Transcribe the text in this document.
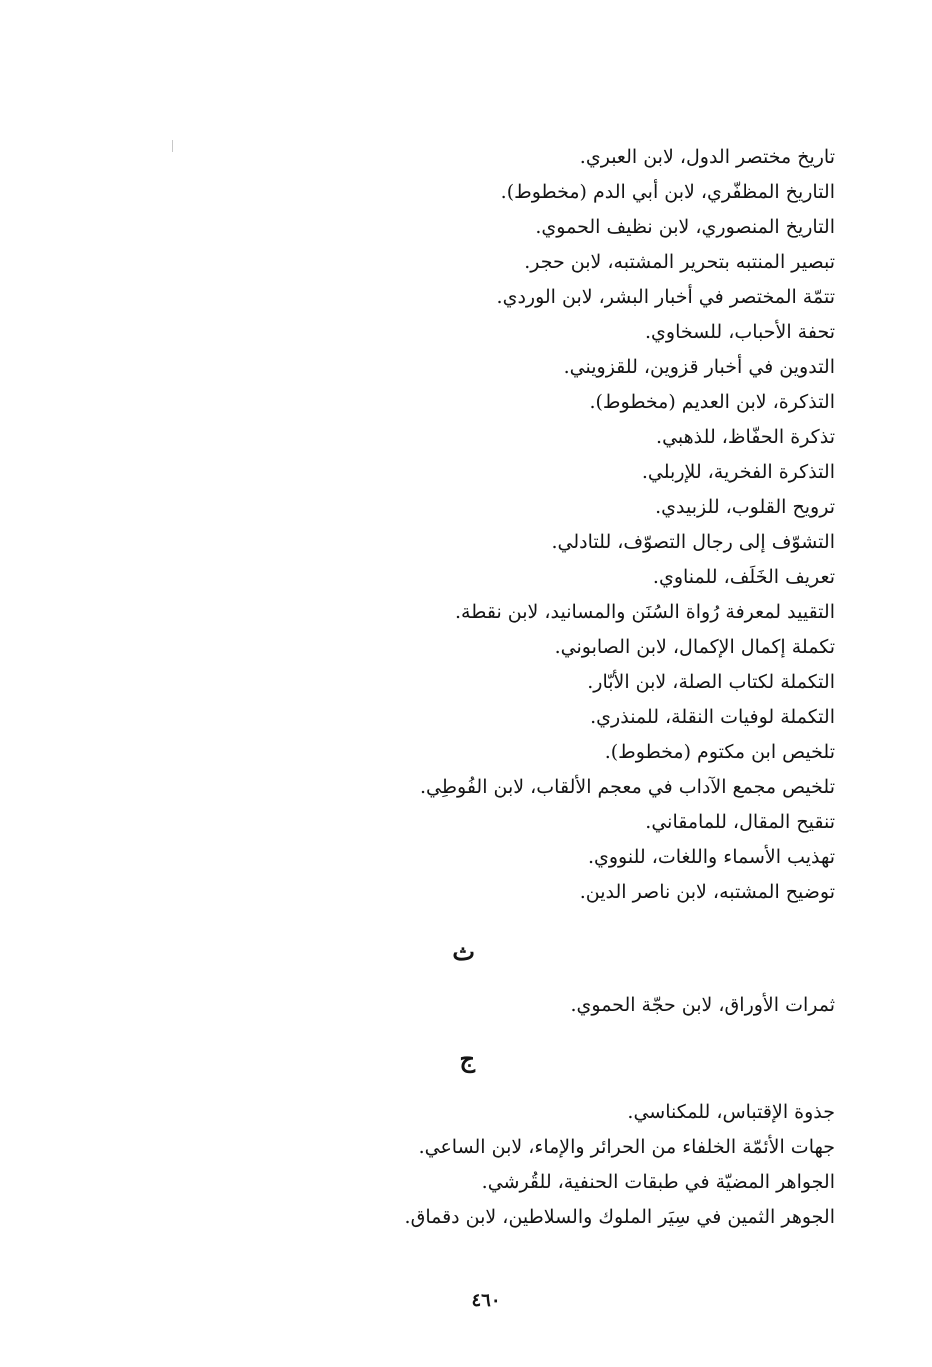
تاريخ مختصر الدول، لابن العبري.

التاريخ المظفّري، لابن أبي الدم (مخطوط).

التاريخ المنصوري، لابن نظيف الحموي.

تبصير المنتبه بتحرير المشتبه، لابن حجر.

تتمّة المختصر في أخبار البشر، لابن الوردي.

تحفة الأحباب، للسخاوي.

التدوين في أخبار قزوين، للقزويني.

التذكرة، لابن العديم (مخطوط).

تذكرة الحفّاظ، للذهبي.

التذكرة الفخرية، للإربلي.

ترويح القلوب، للزبيدي.

التشوّف إلى رجال التصوّف، للتادلي.

تعريف الخَلَف، للمناوي.

التقييد لمعرفة رُواة السُنَن والمسانيد، لابن نقطة.

تكملة إكمال الإكمال، لابن الصابوني.

التكملة لكتاب الصلة، لابن الأبّار.

التكملة لوفيات النقلة، للمنذري.

تلخيص ابن مكتوم (مخطوط).

تلخيص مجمع الآداب في معجم الألقاب، لابن الفُوطِي.

تنقيح المقال، للمامقاني.

تهذيب الأسماء واللغات، للنووي.

توضيح المشتبه، لابن ناصر الدين.

ث

ثمرات الأوراق، لابن حجّة الحموي.

ج

جذوة الإقتباس، للمكناسي.

جهات الأئمّة الخلفاء من الحرائر والإماء، لابن الساعي.

الجواهر المضيّة في طبقات الحنفية، للقُرشي.

الجوهر الثمين في سِيَر الملوك والسلاطين، لابن دقماق.

٤٦٠
